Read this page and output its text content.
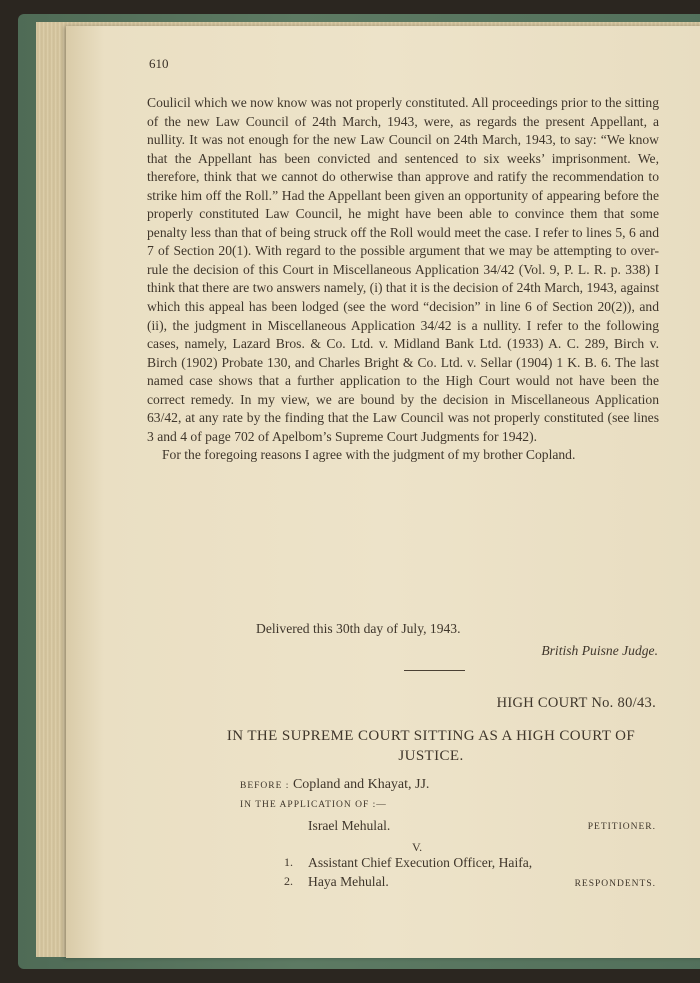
610

Coulicil which we now know was not properly constituted. All proceedings prior to the sitting of the new Law Council of 24th March, 1943, were, as regards the present Appellant, a nullity. It was not enough for the new Law Council on 24th March, 1943, to say: “We know that the Appellant has been convicted and sentenced to six weeks’ imprisonment. We, therefore, think that we cannot do otherwise than approve and ratify the recommendation to strike him off the Roll.” Had the Appellant been given an opportunity of appearing before the properly constituted Law Council, he might have been able to convince them that some penalty less than that of being struck off the Roll would meet the case. I refer to lines 5, 6 and 7 of Section 20(1). With regard to the possible argument that we may be attempting to over-rule the decision of this Court in Miscellaneous Application 34/42 (Vol. 9, P. L. R. p. 338) I think that there are two answers namely, (i) that it is the decision of 24th March, 1943, against which this appeal has been lodged (see the word “decision” in line 6 of Section 20(2)), and (ii), the judgment in Miscellaneous Application 34/42 is a nullity. I refer to the following cases, namely, Lazard Bros. & Co. Ltd. v. Midland Bank Ltd. (1933) A. C. 289, Birch v. Birch (1902) Probate 130, and Charles Bright & Co. Ltd. v. Sellar (1904) 1 K. B. 6. The last named case shows that a further application to the High Court would not have been the correct remedy. In my view, we are bound by the decision in Miscellaneous Application 63/42, at any rate by the finding that the Law Council was not properly constituted (see lines 3 and 4 of page 702 of Apelbom’s Supreme Court Judgments for 1942).

For the foregoing reasons I agree with the judgment of my brother Copland.

Delivered this 30th day of July, 1943.
British Puisne Judge.
HIGH COURT No. 80/43.
IN THE SUPREME COURT SITTING AS A HIGH COURT OF JUSTICE.
BEFORE : Copland and Khayat, JJ.
IN THE APPLICATION OF :—
Israel Mehulal.	PETITIONER.
V.
1. Assistant Chief Execution Officer, Haifa,
2. Haya Mehulal.	RESPONDENTS.
